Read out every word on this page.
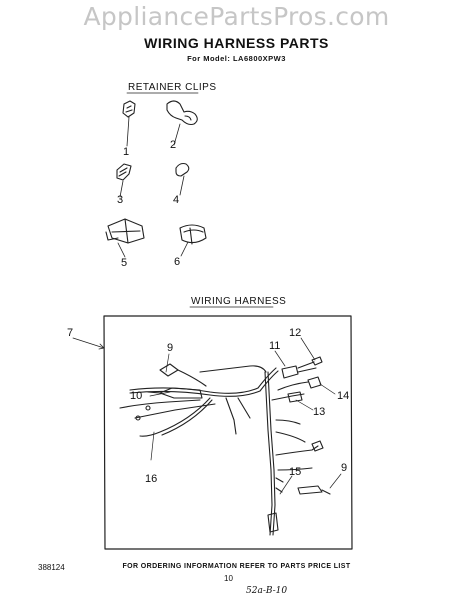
AppliancePartsPros.com
WIRING HARNESS PARTS
For Model: LA6800XPW3
RETAINER CLIPS
WIRING HARNESS
1
2
3	4
5	6
7
9
10
11
12
13
14
15	9
16
388124	FOR ORDERING INFORMATION REFER TO PARTS PRICE LIST
10
52a-B-10
